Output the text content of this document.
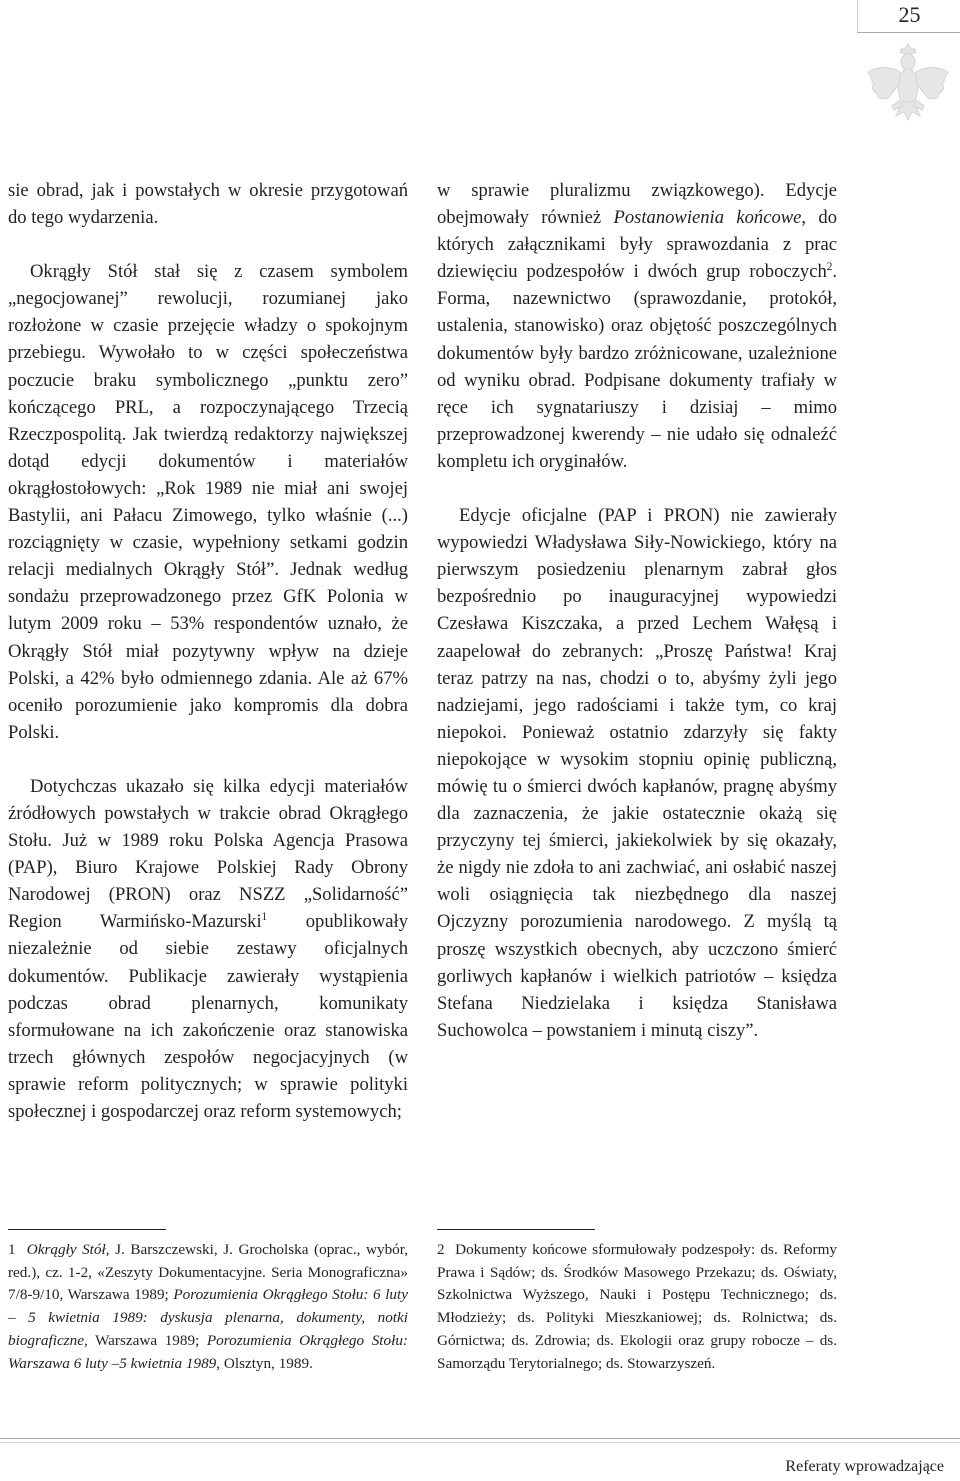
25

sie obrad, jak i powstałych w okresie przygotowań do tego wydarzenia.

Okrągły Stół stał się z czasem symbolem „negocjowanej” rewolucji, rozumianej jako rozłożone w czasie przejęcie władzy o spokojnym przebiegu. Wywołało to w części społeczeństwa poczucie braku symbolicznego „punktu zero” kończącego PRL, a rozpoczynającego Trzecią Rzeczpospolitą. Jak twierdzą redaktorzy największej dotąd edycji dokumentów i materiałów okrągłostołowych: „Rok 1989 nie miał ani swojej Bastylii, ani Pałacu Zimowego, tylko właśnie (...) rozciągnięty w czasie, wypełniony setkami godzin relacji medialnych Okrągły Stół”. Jednak według sondażu przeprowadzonego przez GfK Polonia w lutym 2009 roku – 53% respondentów uznało, że Okrągły Stół miał pozytywny wpływ na dzieje Polski, a 42% było odmiennego zdania. Ale aż 67% oceniło porozumienie jako kompromis dla dobra Polski.

Dotychczas ukazało się kilka edycji materiałów źródłowych powstałych w trakcie obrad Okrągłego Stołu. Już w 1989 roku Polska Agencja Prasowa (PAP), Biuro Krajowe Polskiej Rady Obrony Narodowej (PRON) oraz NSZZ „Solidarność” Region Warmińsko-Mazurski$^1$ opublikowały niezależnie od siebie zestawy oficjalnych dokumentów. Publikacje zawierały wystąpienia podczas obrad plenarnych, komunikaty sformułowane na ich zakończenie oraz stanowiska trzech głównych zespołów negocjacyjnych (w sprawie reform politycznych; w sprawie polityki społecznej i gospodarczej oraz reform systemowych;

w sprawie pluralizmu związkowego). Edycje obejmowały również Postanowienia końcowe, do których załącznikami były sprawozdania z prac dziewięciu podzespołów i dwóch grup roboczych$^2$. Forma, nazewnictwo (sprawozdanie, protokół, ustalenia, stanowisko) oraz objętość poszczególnych dokumentów były bardzo zróżnicowane, uzależnione od wyniku obrad. Podpisane dokumenty trafiały w ręce ich sygnatariuszy i dzisiaj – mimo przeprowadzonej kwerendy – nie udało się odnaleźć kompletu ich oryginałów.

Edycje oficjalne (PAP i PRON) nie zawierały wypowiedzi Władysława Siły-Nowickiego, który na pierwszym posiedzeniu plenarnym zabrał głos bezpośrednio po inauguracyjnej wypowiedzi Czesława Kiszczaka, a przed Lechem Wałęsą i zaapelował do zebranych: „Proszę Państwa! Kraj teraz patrzy na nas, chodzi o to, abyśmy żyli jego nadziejami, jego radościami i także tym, co kraj niepokoi. Ponieważ ostatnio zdarzyły się fakty niepokojące w wysokim stopniu opinię publiczną, mówię tu o śmierci dwóch kapłanów, pragnę abyśmy dla zaznaczenia, że jakie ostatecznie okażą się przyczyny tej śmierci, jakiekolwiek by się okazały, że nigdy nie zdoła to ani zachwiać, ani osłabić naszej woli osiągnięcia tak niezbędnego dla naszej Ojczyzny porozumienia narodowego. Z myślą tą proszę wszystkich obecnych, aby uczczono śmierć gorliwych kapłanów i wielkich patriotów – księdza Stefana Niedzielaka i księdza Stanisława Suchowolca – powstaniem i minutą ciszy”.

1 Okrągły Stół, J. Barszczewski, J. Grocholska (oprac., wybór, red.), cz. 1-2, «Zeszyty Dokumentacyjne. Seria Monograficzna» 7/8-9/10, Warszawa 1989; Porozumienia Okrągłego Stołu: 6 luty – 5 kwietnia 1989: dyskusja plenarna, dokumenty, notki biograficzne, Warszawa 1989; Porozumienia Okrągłego Stołu: Warszawa 6 luty –5 kwietnia 1989, Olsztyn, 1989.

2 Dokumenty końcowe sformułowały podzespoły: ds. Reformy Prawa i Sądów; ds. Środków Masowego Przekazu; ds. Oświaty, Szkolnictwa Wyższego, Nauki i Postępu Technicznego; ds. Młodzieży; ds. Polityki Mieszkaniowej; ds. Rolnictwa; ds. Górnictwa; ds. Zdrowia; ds. Ekologii oraz grupy robocze – ds. Samorządu Terytorialnego; ds. Stowarzyszeń.

Referaty wprowadzające
